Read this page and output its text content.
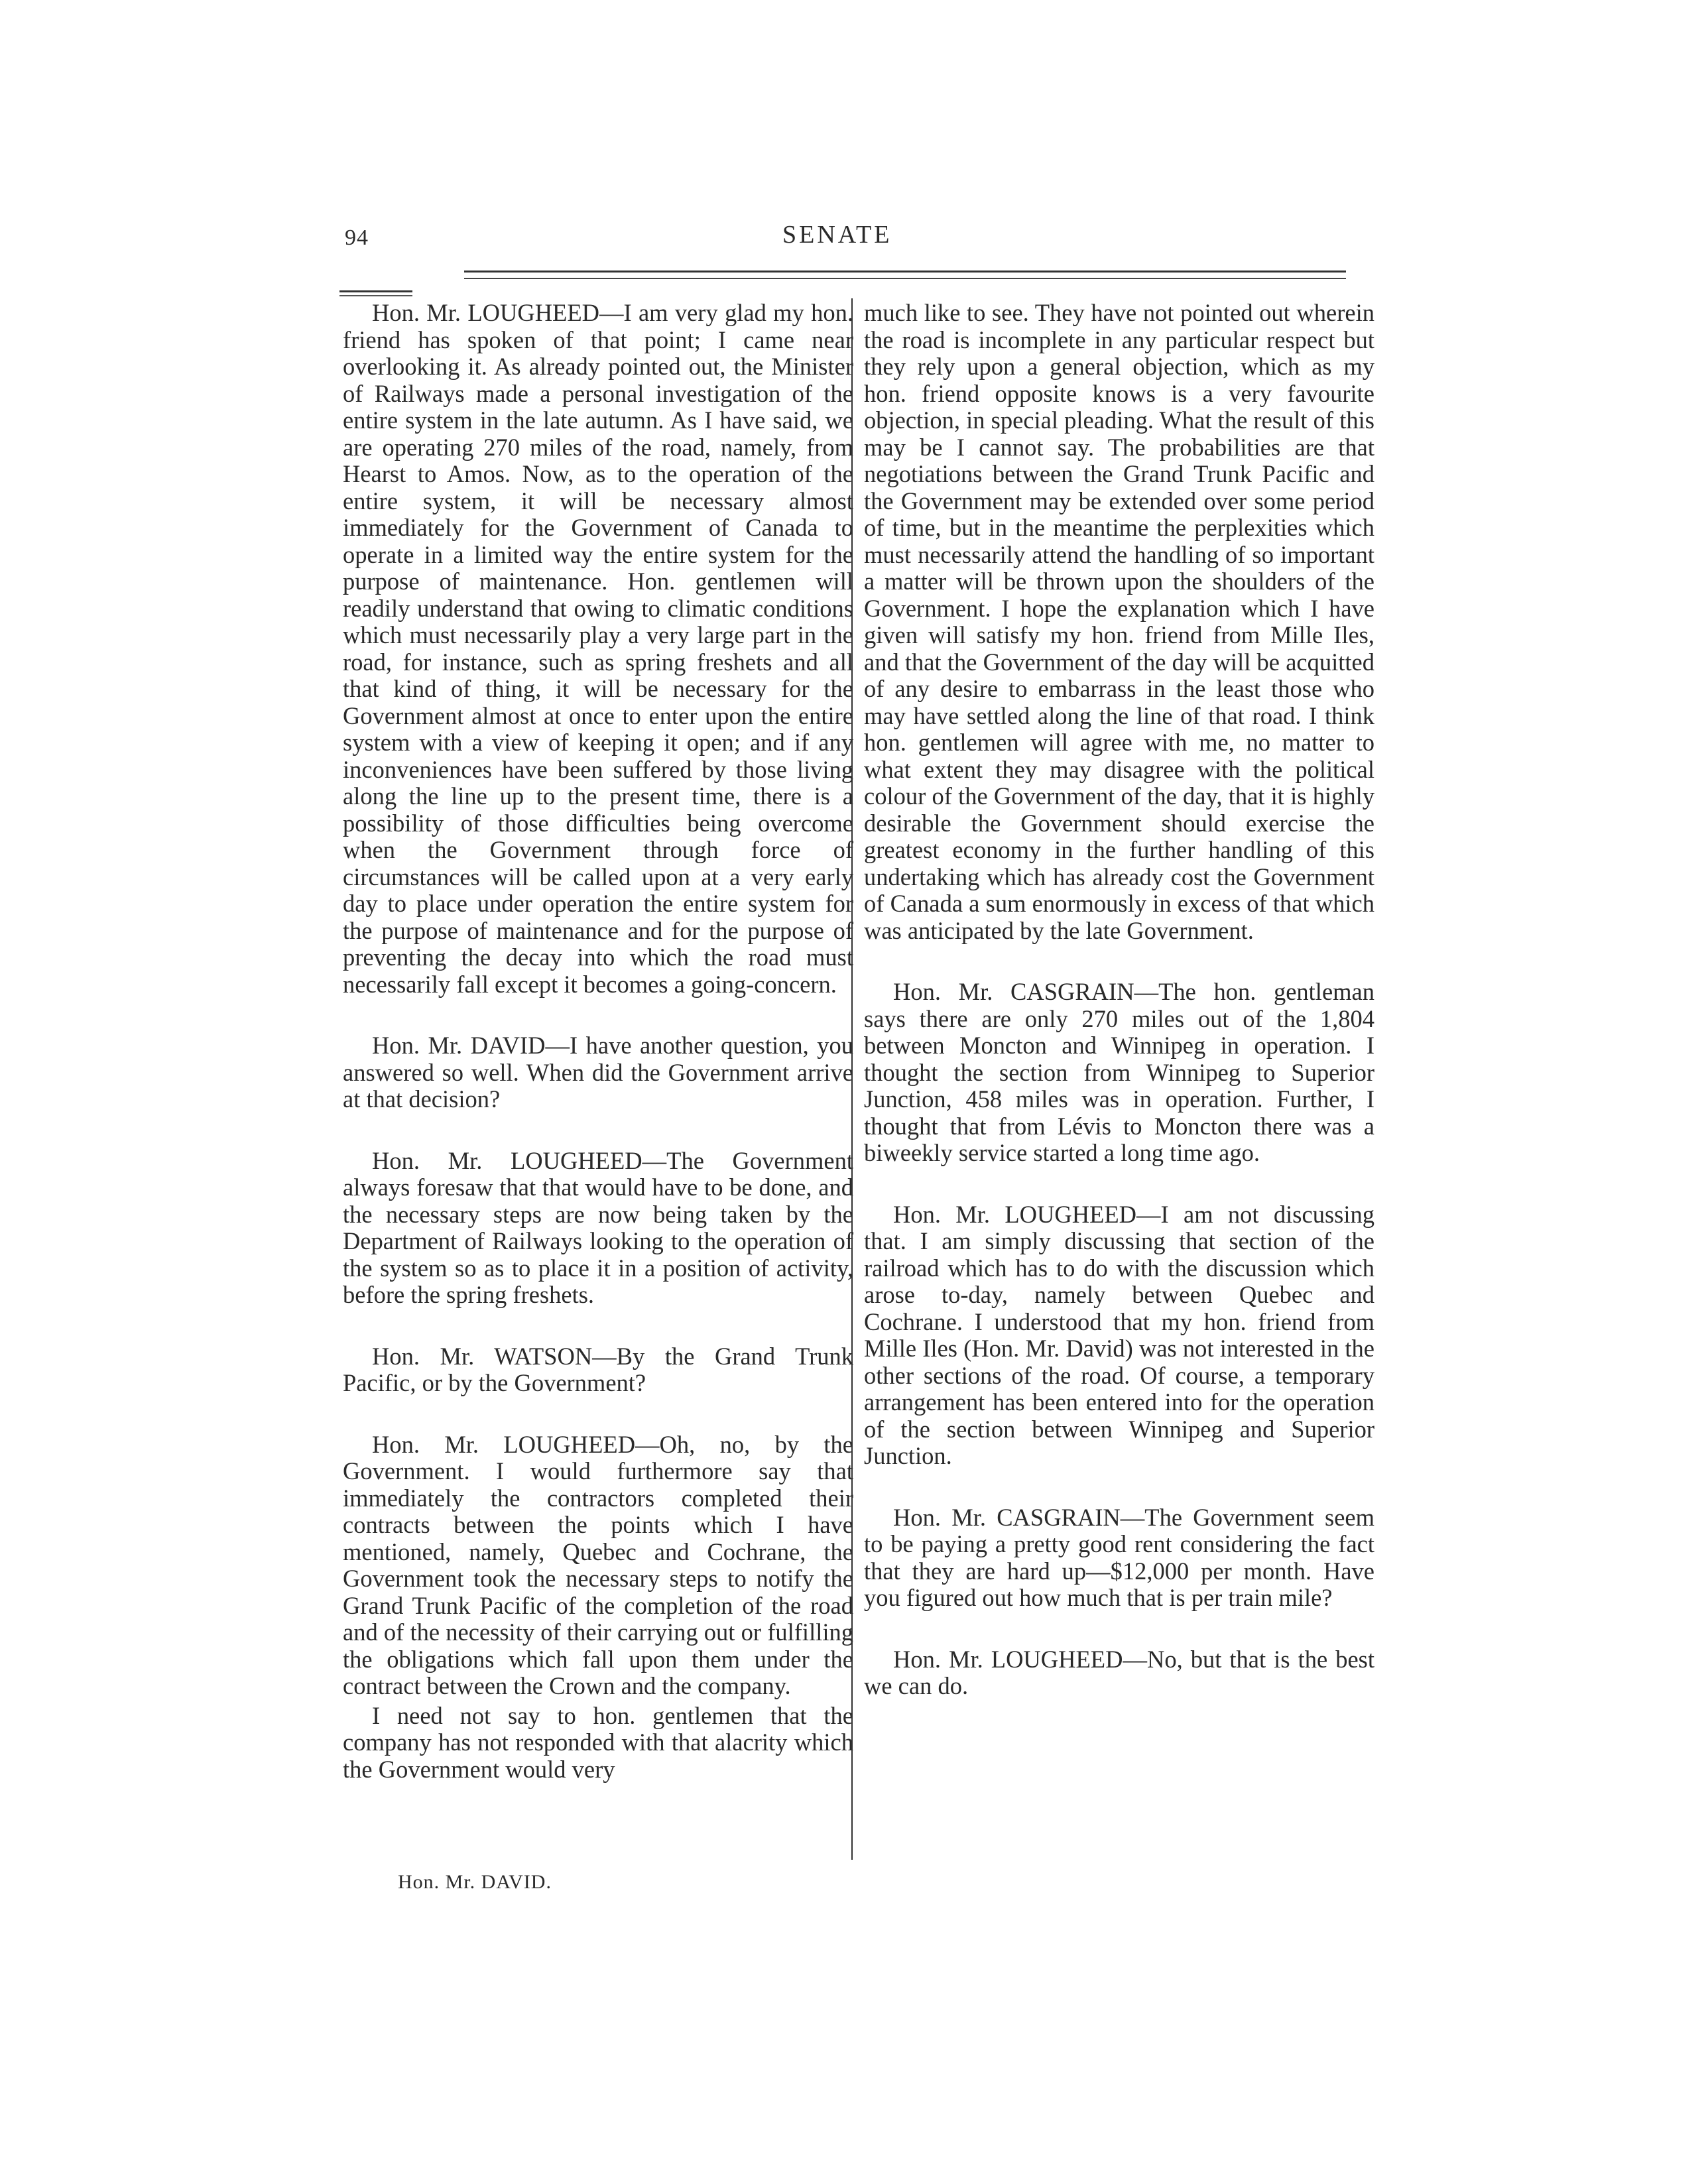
94	SENATE

Hon. Mr. LOUGHEED—I am very glad my hon. friend has spoken of that point; I came near overlooking it. As already pointed out, the Minister of Railways made a personal investigation of the entire system in the late autumn. As I have said, we are operating 270 miles of the road, namely, from Hearst to Amos. Now, as to the operation of the entire system, it will be necessary almost immediately for the Government of Canada to operate in a limited way the entire system for the purpose of maintenance. Hon. gentlemen will readily understand that owing to climatic conditions which must necessarily play a very large part in the road, for instance, such as spring freshets and all that kind of thing, it will be necessary for the Government almost at once to enter upon the entire system with a view of keeping it open; and if any inconveniences have been suffered by those living along the line up to the present time, there is a possibility of those difficulties being overcome when the Government through force of circumstances will be called upon at a very early day to place under operation the entire system for the purpose of maintenance and for the purpose of preventing the decay into which the road must necessarily fall except it becomes a going-concern.

Hon. Mr. DAVID—I have another question, you answered so well. When did the Government arrive at that decision?

Hon. Mr. LOUGHEED—The Government always foresaw that that would have to be done, and the necessary steps are now being taken by the Department of Railways looking to the operation of the system so as to place it in a position of activity, before the spring freshets.

Hon. Mr. WATSON—By the Grand Trunk Pacific, or by the Government?

Hon. Mr. LOUGHEED—Oh, no, by the Government. I would furthermore say that immediately the contractors completed their contracts between the points which I have mentioned, namely, Quebec and Cochrane, the Government took the necessary steps to notify the Grand Trunk Pacific of the completion of the road and of the necessity of their carrying out or fulfilling the obligations which fall upon them under the contract between the Crown and the company.

I need not say to hon. gentlemen that the company has not responded with that alacrity which the Government would very

much like to see. They have not pointed out wherein the road is incomplete in any particular respect but they rely upon a general objection, which as my hon. friend opposite knows is a very favourite objection, in special pleading. What the result of this may be I cannot say. The probabilities are that negotiations between the Grand Trunk Pacific and the Government may be extended over some period of time, but in the meantime the perplexities which must necessarily attend the handling of so important a matter will be thrown upon the shoulders of the Government. I hope the explanation which I have given will satisfy my hon. friend from Mille Iles, and that the Government of the day will be acquitted of any desire to embarrass in the least those who may have settled along the line of that road. I think hon. gentlemen will agree with me, no matter to what extent they may disagree with the political colour of the Government of the day, that it is highly desirable the Government should exercise the greatest economy in the further handling of this undertaking which has already cost the Government of Canada a sum enormously in excess of that which was anticipated by the late Government.

Hon. Mr. CASGRAIN—The hon. gentleman says there are only 270 miles out of the 1,804 between Moncton and Winnipeg in operation. I thought the section from Winnipeg to Superior Junction, 458 miles was in operation. Further, I thought that from Lévis to Moncton there was a biweekly service started a long time ago.

Hon. Mr. LOUGHEED—I am not discussing that. I am simply discussing that section of the railroad which has to do with the discussion which arose to-day, namely between Quebec and Cochrane. I understood that my hon. friend from Mille Iles (Hon. Mr. David) was not interested in the other sections of the road. Of course, a temporary arrangement has been entered into for the operation of the section between Winnipeg and Superior Junction.

Hon. Mr. CASGRAIN—The Government seem to be paying a pretty good rent considering the fact that they are hard up—$12,000 per month. Have you figured out how much that is per train mile?

Hon. Mr. LOUGHEED—No, but that is the best we can do.

Hon. Mr. DAVID.
